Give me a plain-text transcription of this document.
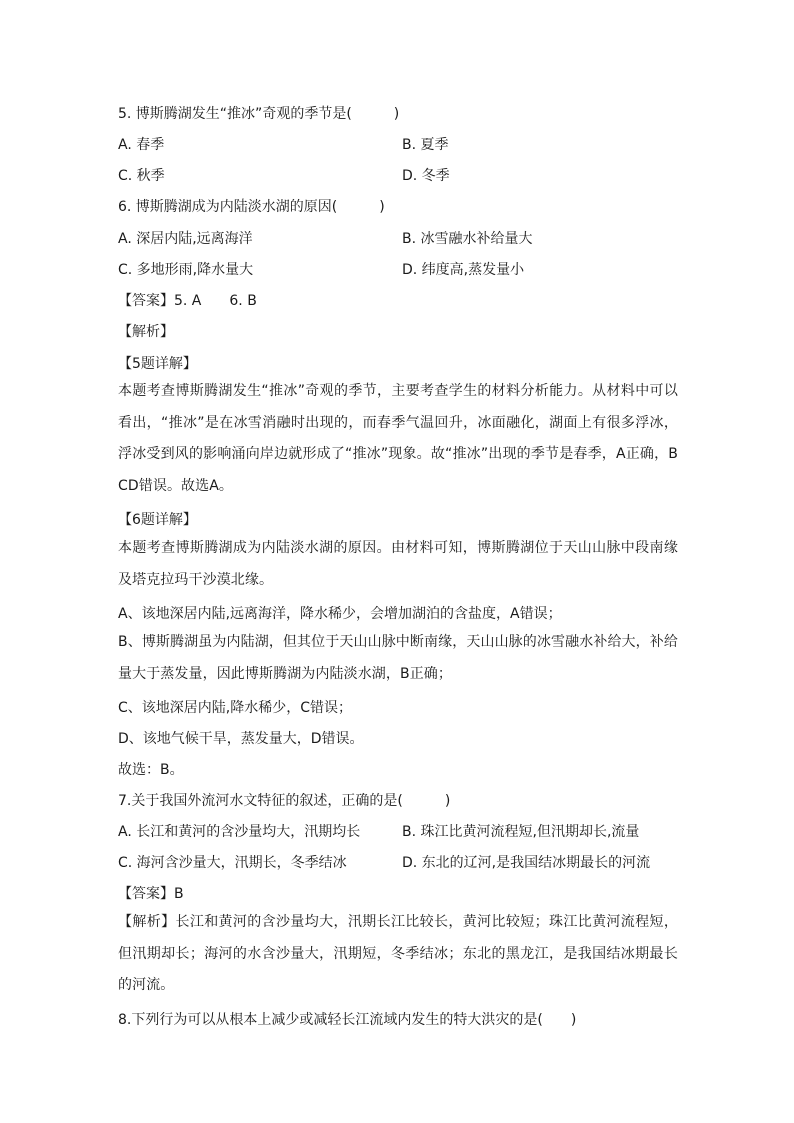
5. 博斯腾湖发生“推冰”奇观的季节是(　　　)
A. 春季	B. 夏季
C. 秋季	D. 冬季
6. 博斯腾湖成为内陆淡水湖的原因(　　　)
A. 深居内陆,远离海洋	B. 冰雪融水补给量大
C. 多地形雨,降水量大	D. 纬度高,蒸发量小
【答案】5. A　　6. B
【解析】
【5题详解】
本题考查博斯腾湖发生“推冰”奇观的季节，主要考查学生的材料分析能力。从材料中可以看出，“推冰”是在冰雪消融时出现的，而春季气温回升，冰面融化，湖面上有很多浮冰，浮冰受到风的影响涌向岸边就形成了“推冰”现象。故“推冰”出现的季节是春季，A正确，BCD错误。故选A。
【6题详解】
本题考查博斯腾湖成为内陆淡水湖的原因。由材料可知，博斯腾湖位于天山山脉中段南缘及塔克拉玛干沙漠北缘。
A、该地深居内陆,远离海洋，降水稀少，会增加湖泊的含盐度，A错误；
B、博斯腾湖虽为内陆湖，但其位于天山山脉中断南缘，天山山脉的冰雪融水补给大，补给量大于蒸发量，因此博斯腾湖为内陆淡水湖，B正确；
C、该地深居内陆,降水稀少，C错误；
D、该地气候干旱，蒸发量大，D错误。
故选：B。
7.关于我国外流河水文特征的叙述，正确的是(　　　)
A. 长江和黄河的含沙量均大，汛期均长	B. 珠江比黄河流程短,但汛期却长,流量
C. 海河含沙量大，汛期长，冬季结冰	D. 东北的辽河,是我国结冰期最长的河流
【答案】B
【解析】长江和黄河的含沙量均大，汛期长江比较长，黄河比较短；珠江比黄河流程短，但汛期却长；海河的水含沙量大，汛期短，冬季结冰；东北的黑龙江，是我国结冰期最长的河流。
8.下列行为可以从根本上减少或减轻长江流域内发生的特大洪灾的是(　　)
